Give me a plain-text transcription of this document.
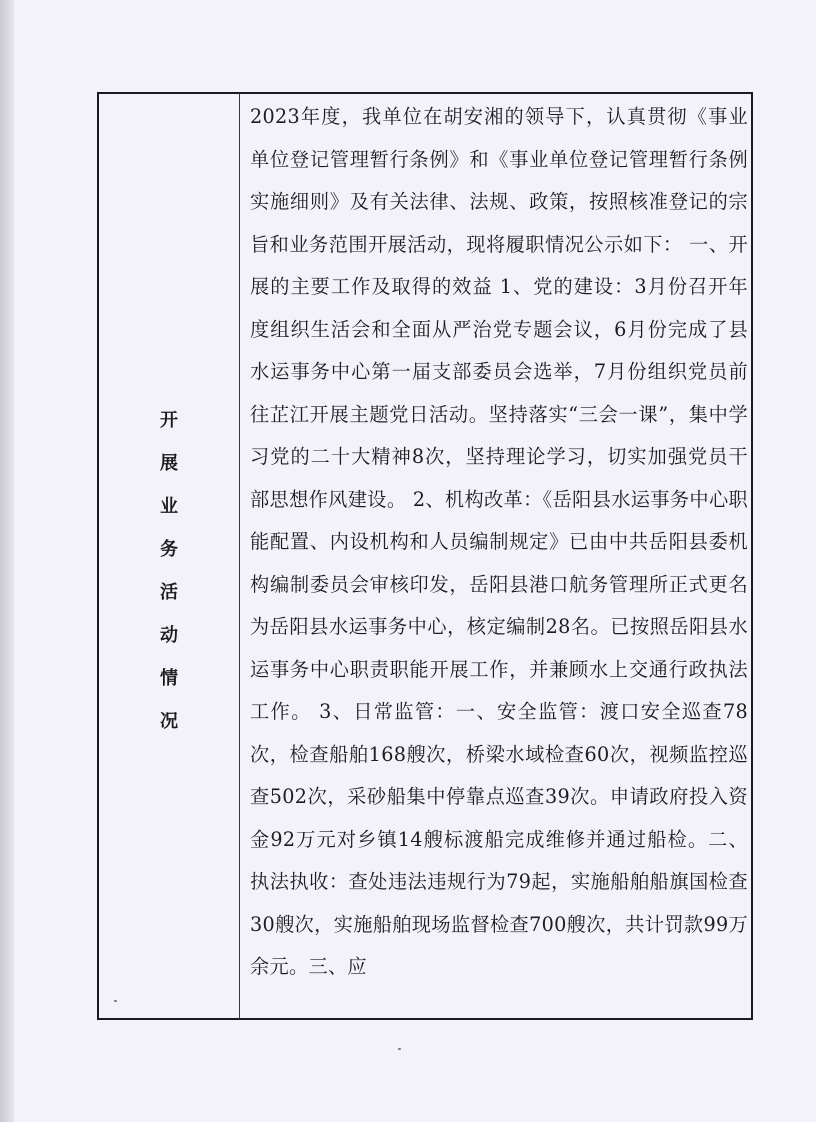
开
展
业
务
活
动
情
况

2023年度，我单位在胡安湘的领导下，认真贯彻《事业单位登记管理暂行条例》和《事业单位登记管理暂行条例实施细则》及有关法律、法规、政策，按照核准登记的宗旨和业务范围开展活动，现将履职情况公示如下： 一、开展的主要工作及取得的效益 1、党的建设：3月份召开年度组织生活会和全面从严治党专题会议，6月份完成了县水运事务中心第一届支部委员会选举，7月份组织党员前往芷江开展主题党日活动。坚持落实“三会一课”，集中学习党的二十大精神8次，坚持理论学习，切实加强党员干部思想作风建设。 2、机构改革：《岳阳县水运事务中心职能配置、内设机构和人员编制规定》已由中共岳阳县委机构编制委员会审核印发，岳阳县港口航务管理所正式更名为岳阳县水运事务中心，核定编制28名。已按照岳阳县水运事务中心职责职能开展工作，并兼顾水上交通行政执法工作。 3、日常监管：一、安全监管：渡口安全巡查78次，检查船舶168艘次，桥梁水域检查60次，视频监控巡查502次，采砂船集中停靠点巡查39次。申请政府投入资金92万元对乡镇14艘标渡船完成维修并通过船检。二、执法执收：查处违法违规行为79起，实施船舶船旗国检查30艘次，实施船舶现场监督检查700艘次，共计罚款99万余元。三、应
